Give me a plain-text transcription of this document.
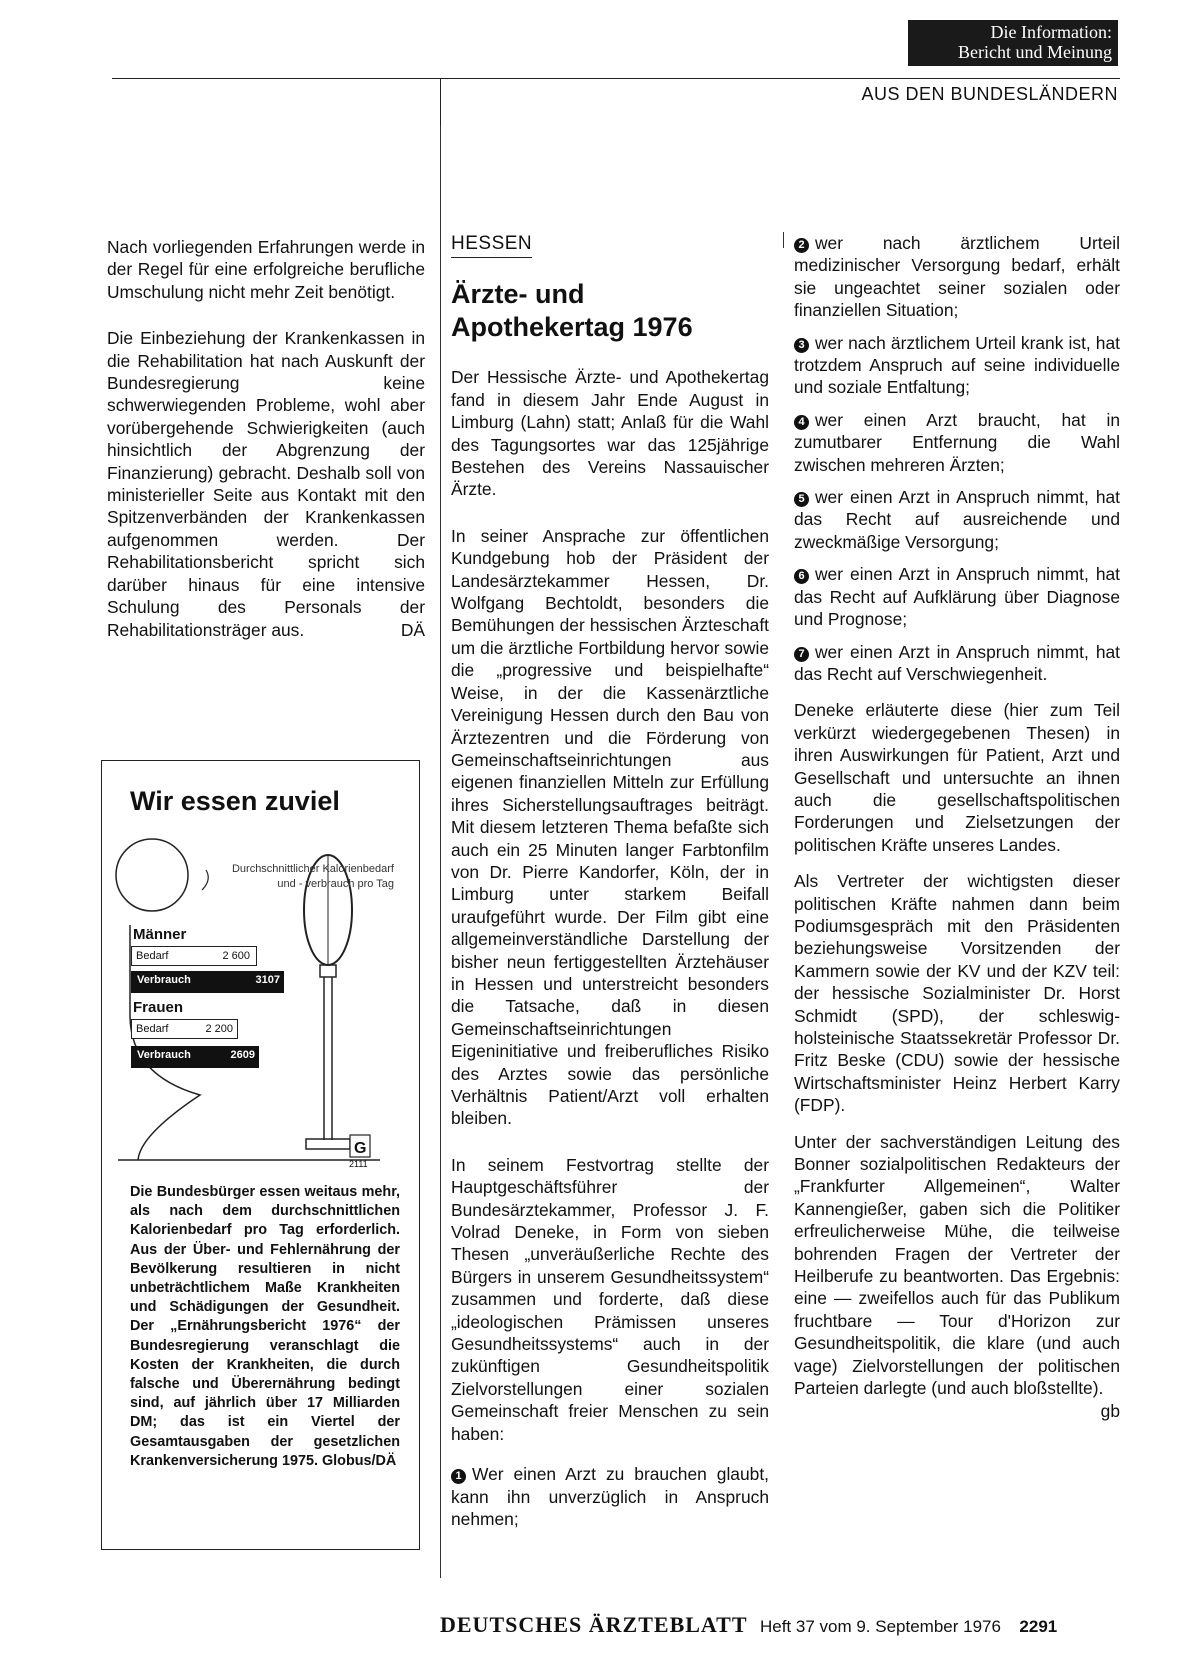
Die Information:
Bericht und Meinung
AUS DEN BUNDESLÄNDERN

Nach vorliegenden Erfahrungen werde in der Regel für eine erfolgreiche berufliche Umschulung nicht mehr Zeit benötigt.

Die Einbeziehung der Krankenkassen in die Rehabilitation hat nach Auskunft der Bundesregierung keine schwerwiegenden Probleme, wohl aber vorübergehende Schwierigkeiten (auch hinsichtlich der Abgrenzung der Finanzierung) gebracht. Deshalb soll von ministerieller Seite aus Kontakt mit den Spitzenverbänden der Krankenkassen aufgenommen werden. Der Rehabilitationsbericht spricht sich darüber hinaus für eine intensive Schulung des Personals der Rehabilitationsträger aus.	DÄ

Wir essen zuviel
G
Durchschnittlicher Kalorienbedarf
und - verbrauch pro Tag
2111
Männer
Bedarf	2 600
Verbrauch	3107
Frauen
Bedarf	2 200
Verbrauch	2609
Die Bundesbürger essen weitaus mehr, als nach dem durchschnittlichen Kalorienbedarf pro Tag erforderlich. Aus der Über- und Fehlernährung der Bevölkerung resultieren in nicht unbeträchtlichem Maße Krankheiten und Schädigungen der Gesundheit. Der „Ernährungsbericht 1976“ der Bundesregierung veranschlagt die Kosten der Krankheiten, die durch falsche und Überernährung bedingt sind, auf jährlich über 17 Milliarden DM; das ist ein Viertel der Gesamtausgaben der gesetzlichen Krankenversicherung 1975. Globus/DÄ
HESSEN
Ärzte- und
Apothekertag 1976

Der Hessische Ärzte- und Apothekertag fand in diesem Jahr Ende August in Limburg (Lahn) statt; Anlaß für die Wahl des Tagungsortes war das 125jährige Bestehen des Vereins Nassauischer Ärzte.

In seiner Ansprache zur öffentlichen Kundgebung hob der Präsident der Landesärztekammer Hessen, Dr. Wolfgang Bechtoldt, besonders die Bemühungen der hessischen Ärzteschaft um die ärztliche Fortbildung hervor sowie die „progressive und beispielhafte“ Weise, in der die Kassenärztliche Vereinigung Hessen durch den Bau von Ärztezentren und die Förderung von Gemeinschaftseinrichtungen aus eigenen finanziellen Mitteln zur Erfüllung ihres Sicherstellungsauftrages beiträgt. Mit diesem letzteren Thema befaßte sich auch ein 25 Minuten langer Farbtonfilm von Dr. Pierre Kandorfer, Köln, der in Limburg unter starkem Beifall uraufgeführt wurde. Der Film gibt eine allgemeinverständliche Darstellung der bisher neun fertiggestellten Ärztehäuser in Hessen und unterstreicht besonders die Tatsache, daß in diesen Gemeinschaftseinrichtungen Eigeninitiative und freiberufliches Risiko des Arztes sowie das persönliche Verhältnis Patient/Arzt voll erhalten bleiben.

In seinem Festvortrag stellte der Hauptgeschäftsführer der Bundesärztekammer, Professor J. F. Volrad Deneke, in Form von sieben Thesen „unveräußerliche Rechte des Bürgers in unserem Gesundheitssystem“ zusammen und forderte, daß diese „ideologischen Prämissen unseres Gesundheitssystems“ auch in der zukünftigen Gesundheitspolitik Zielvorstellungen einer sozialen Gemeinschaft freier Menschen zu sein haben:

1 Wer einen Arzt zu brauchen glaubt, kann ihn unverzüglich in Anspruch nehmen;

2 wer nach ärztlichem Urteil medizinischer Versorgung bedarf, erhält sie ungeachtet seiner sozialen oder finanziellen Situation;

3 wer nach ärztlichem Urteil krank ist, hat trotzdem Anspruch auf seine individuelle und soziale Entfaltung;

4 wer einen Arzt braucht, hat in zumutbarer Entfernung die Wahl zwischen mehreren Ärzten;

5 wer einen Arzt in Anspruch nimmt, hat das Recht auf ausreichende und zweckmäßige Versorgung;

6 wer einen Arzt in Anspruch nimmt, hat das Recht auf Aufklärung über Diagnose und Prognose;

7 wer einen Arzt in Anspruch nimmt, hat das Recht auf Verschwiegenheit.

Deneke erläuterte diese (hier zum Teil verkürzt wiedergegebenen Thesen) in ihren Auswirkungen für Patient, Arzt und Gesellschaft und untersuchte an ihnen auch die gesellschaftspolitischen Forderungen und Zielsetzungen der politischen Kräfte unseres Landes.

Als Vertreter der wichtigsten dieser politischen Kräfte nahmen dann beim Podiumsgespräch mit den Präsidenten beziehungsweise Vorsitzenden der Kammern sowie der KV und der KZV teil: der hessische Sozialminister Dr. Horst Schmidt (SPD), der schleswig-holsteinische Staatssekretär Professor Dr. Fritz Beske (CDU) sowie der hessische Wirtschaftsminister Heinz Herbert Karry (FDP).

Unter der sachverständigen Leitung des Bonner sozialpolitischen Redakteurs der „Frankfurter Allgemeinen“, Walter Kannengießer, gaben sich die Politiker erfreulicherweise Mühe, die teilweise bohrenden Fragen der Vertreter der Heilberufe zu beantworten. Das Ergebnis: eine — zweifellos auch für das Publikum fruchtbare — Tour d'Horizon zur Gesundheitspolitik, die klare (und auch vage) Zielvorstellungen der politischen Parteien darlegte (und auch bloßstellte).
gb

DEUTSCHES ÄRZTEBLATT Heft 37 vom 9. September 1976 2291
